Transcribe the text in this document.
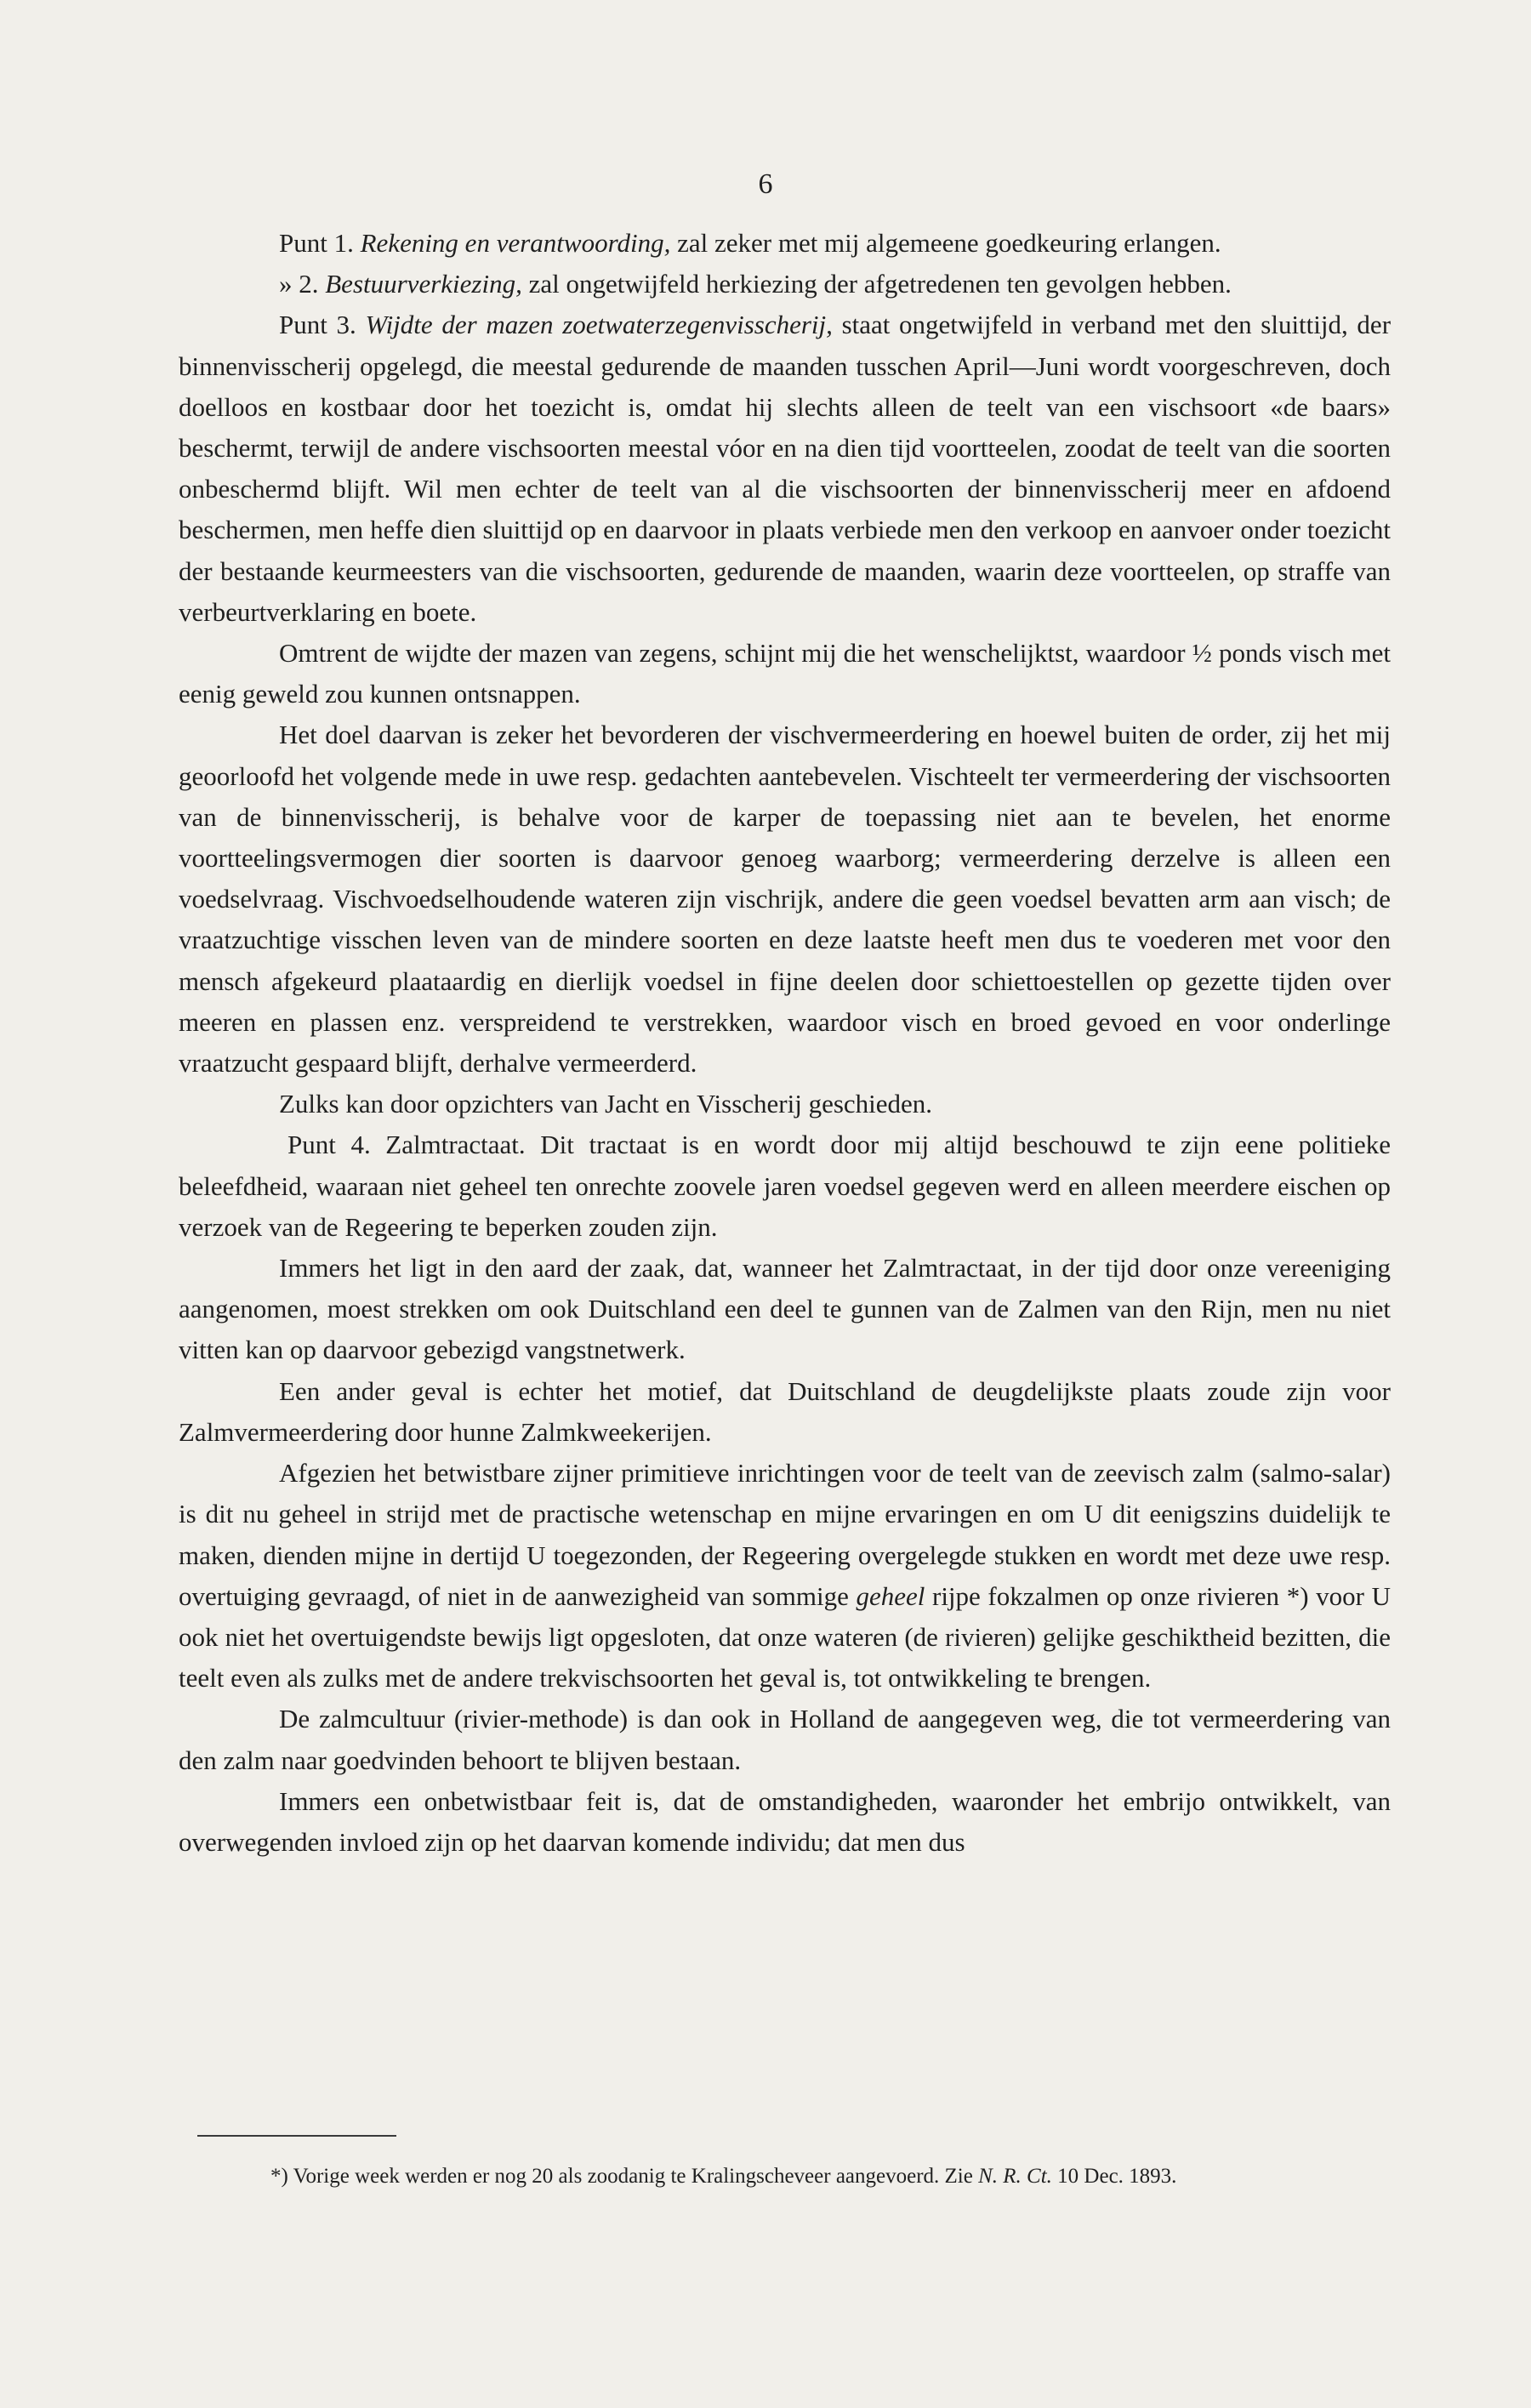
6

Punt 1. Rekening en verantwoording, zal zeker met mij algemeene goedkeuring erlangen.

» 2. Bestuurverkiezing, zal ongetwijfeld herkiezing der afgetredenen ten gevolgen hebben.

Punt 3. Wijdte der mazen zoetwaterzegenvisscherij, staat ongetwijfeld in verband met den sluittijd, der binnenvisscherij opgelegd, die meestal gedurende de maanden tusschen April—Juni wordt voorgeschreven, doch doelloos en kostbaar door het toezicht is, omdat hij slechts alleen de teelt van een vischsoort «de baars» beschermt, terwijl de andere vischsoorten meestal vóor en na dien tijd voortteelen, zoodat de teelt van die soorten onbeschermd blijft. Wil men echter de teelt van al die vischsoorten der binnenvisscherij meer en afdoend beschermen, men heffe dien sluittijd op en daarvoor in plaats verbiede men den verkoop en aanvoer onder toezicht der bestaande keurmeesters van die vischsoorten, gedurende de maanden, waarin deze voortteelen, op straffe van verbeurtverklaring en boete.

Omtrent de wijdte der mazen van zegens, schijnt mij die het wenschelijktst, waardoor ½ ponds visch met eenig geweld zou kunnen ontsnappen.

Het doel daarvan is zeker het bevorderen der vischvermeerdering en hoewel buiten de order, zij het mij geoorloofd het volgende mede in uwe resp. gedachten aantebevelen. Vischteelt ter vermeerdering der vischsoorten van de binnenvisscherij, is behalve voor de karper de toepassing niet aan te bevelen, het enorme voortteelingsvermogen dier soorten is daarvoor genoeg waarborg; vermeerdering derzelve is alleen een voedselvraag. Vischvoedselhoudende wateren zijn vischrijk, andere die geen voedsel bevatten arm aan visch; de vraatzuchtige visschen leven van de mindere soorten en deze laatste heeft men dus te voederen met voor den mensch afgekeurd plaataardig en dierlijk voedsel in fijne deelen door schiettoestellen op gezette tijden over meeren en plassen enz. verspreidend te verstrekken, waardoor visch en broed gevoed en voor onderlinge vraatzucht gespaard blijft, derhalve vermeerderd.

Zulks kan door opzichters van Jacht en Visscherij geschieden.

Punt 4. Zalmtractaat. Dit tractaat is en wordt door mij altijd beschouwd te zijn eene politieke beleefdheid, waaraan niet geheel ten onrechte zoovele jaren voedsel gegeven werd en alleen meerdere eischen op verzoek van de Regeering te beperken zouden zijn.

Immers het ligt in den aard der zaak, dat, wanneer het Zalmtractaat, in der tijd door onze vereeniging aangenomen, moest strekken om ook Duitschland een deel te gunnen van de Zalmen van den Rijn, men nu niet vitten kan op daarvoor gebezigd vangstnetwerk.

Een ander geval is echter het motief, dat Duitschland de deugdelijkste plaats zoude zijn voor Zalmvermeerdering door hunne Zalmkweekerijen.

Afgezien het betwistbare zijner primitieve inrichtingen voor de teelt van de zeevisch zalm (salmo-salar) is dit nu geheel in strijd met de practische wetenschap en mijne ervaringen en om U dit eenigszins duidelijk te maken, dienden mijne in dertijd U toegezonden, der Regeering overgelegde stukken en wordt met deze uwe resp. overtuiging gevraagd, of niet in de aanwezigheid van sommige geheel rijpe fokzalmen op onze rivieren *) voor U ook niet het overtuigendste bewijs ligt opgesloten, dat onze wateren (de rivieren) gelijke geschiktheid bezitten, die teelt even als zulks met de andere trekvischsoorten het geval is, tot ontwikkeling te brengen.

De zalmcultuur (rivier-methode) is dan ook in Holland de aangegeven weg, die tot vermeerdering van den zalm naar goedvinden behoort te blijven bestaan.

Immers een onbetwistbaar feit is, dat de omstandigheden, waaronder het embrijo ontwikkelt, van overwegenden invloed zijn op het daarvan komende individu; dat men dus

*) Vorige week werden er nog 20 als zoodanig te Kralingscheveer aangevoerd. Zie N. R. Ct. 10 Dec. 1893.
